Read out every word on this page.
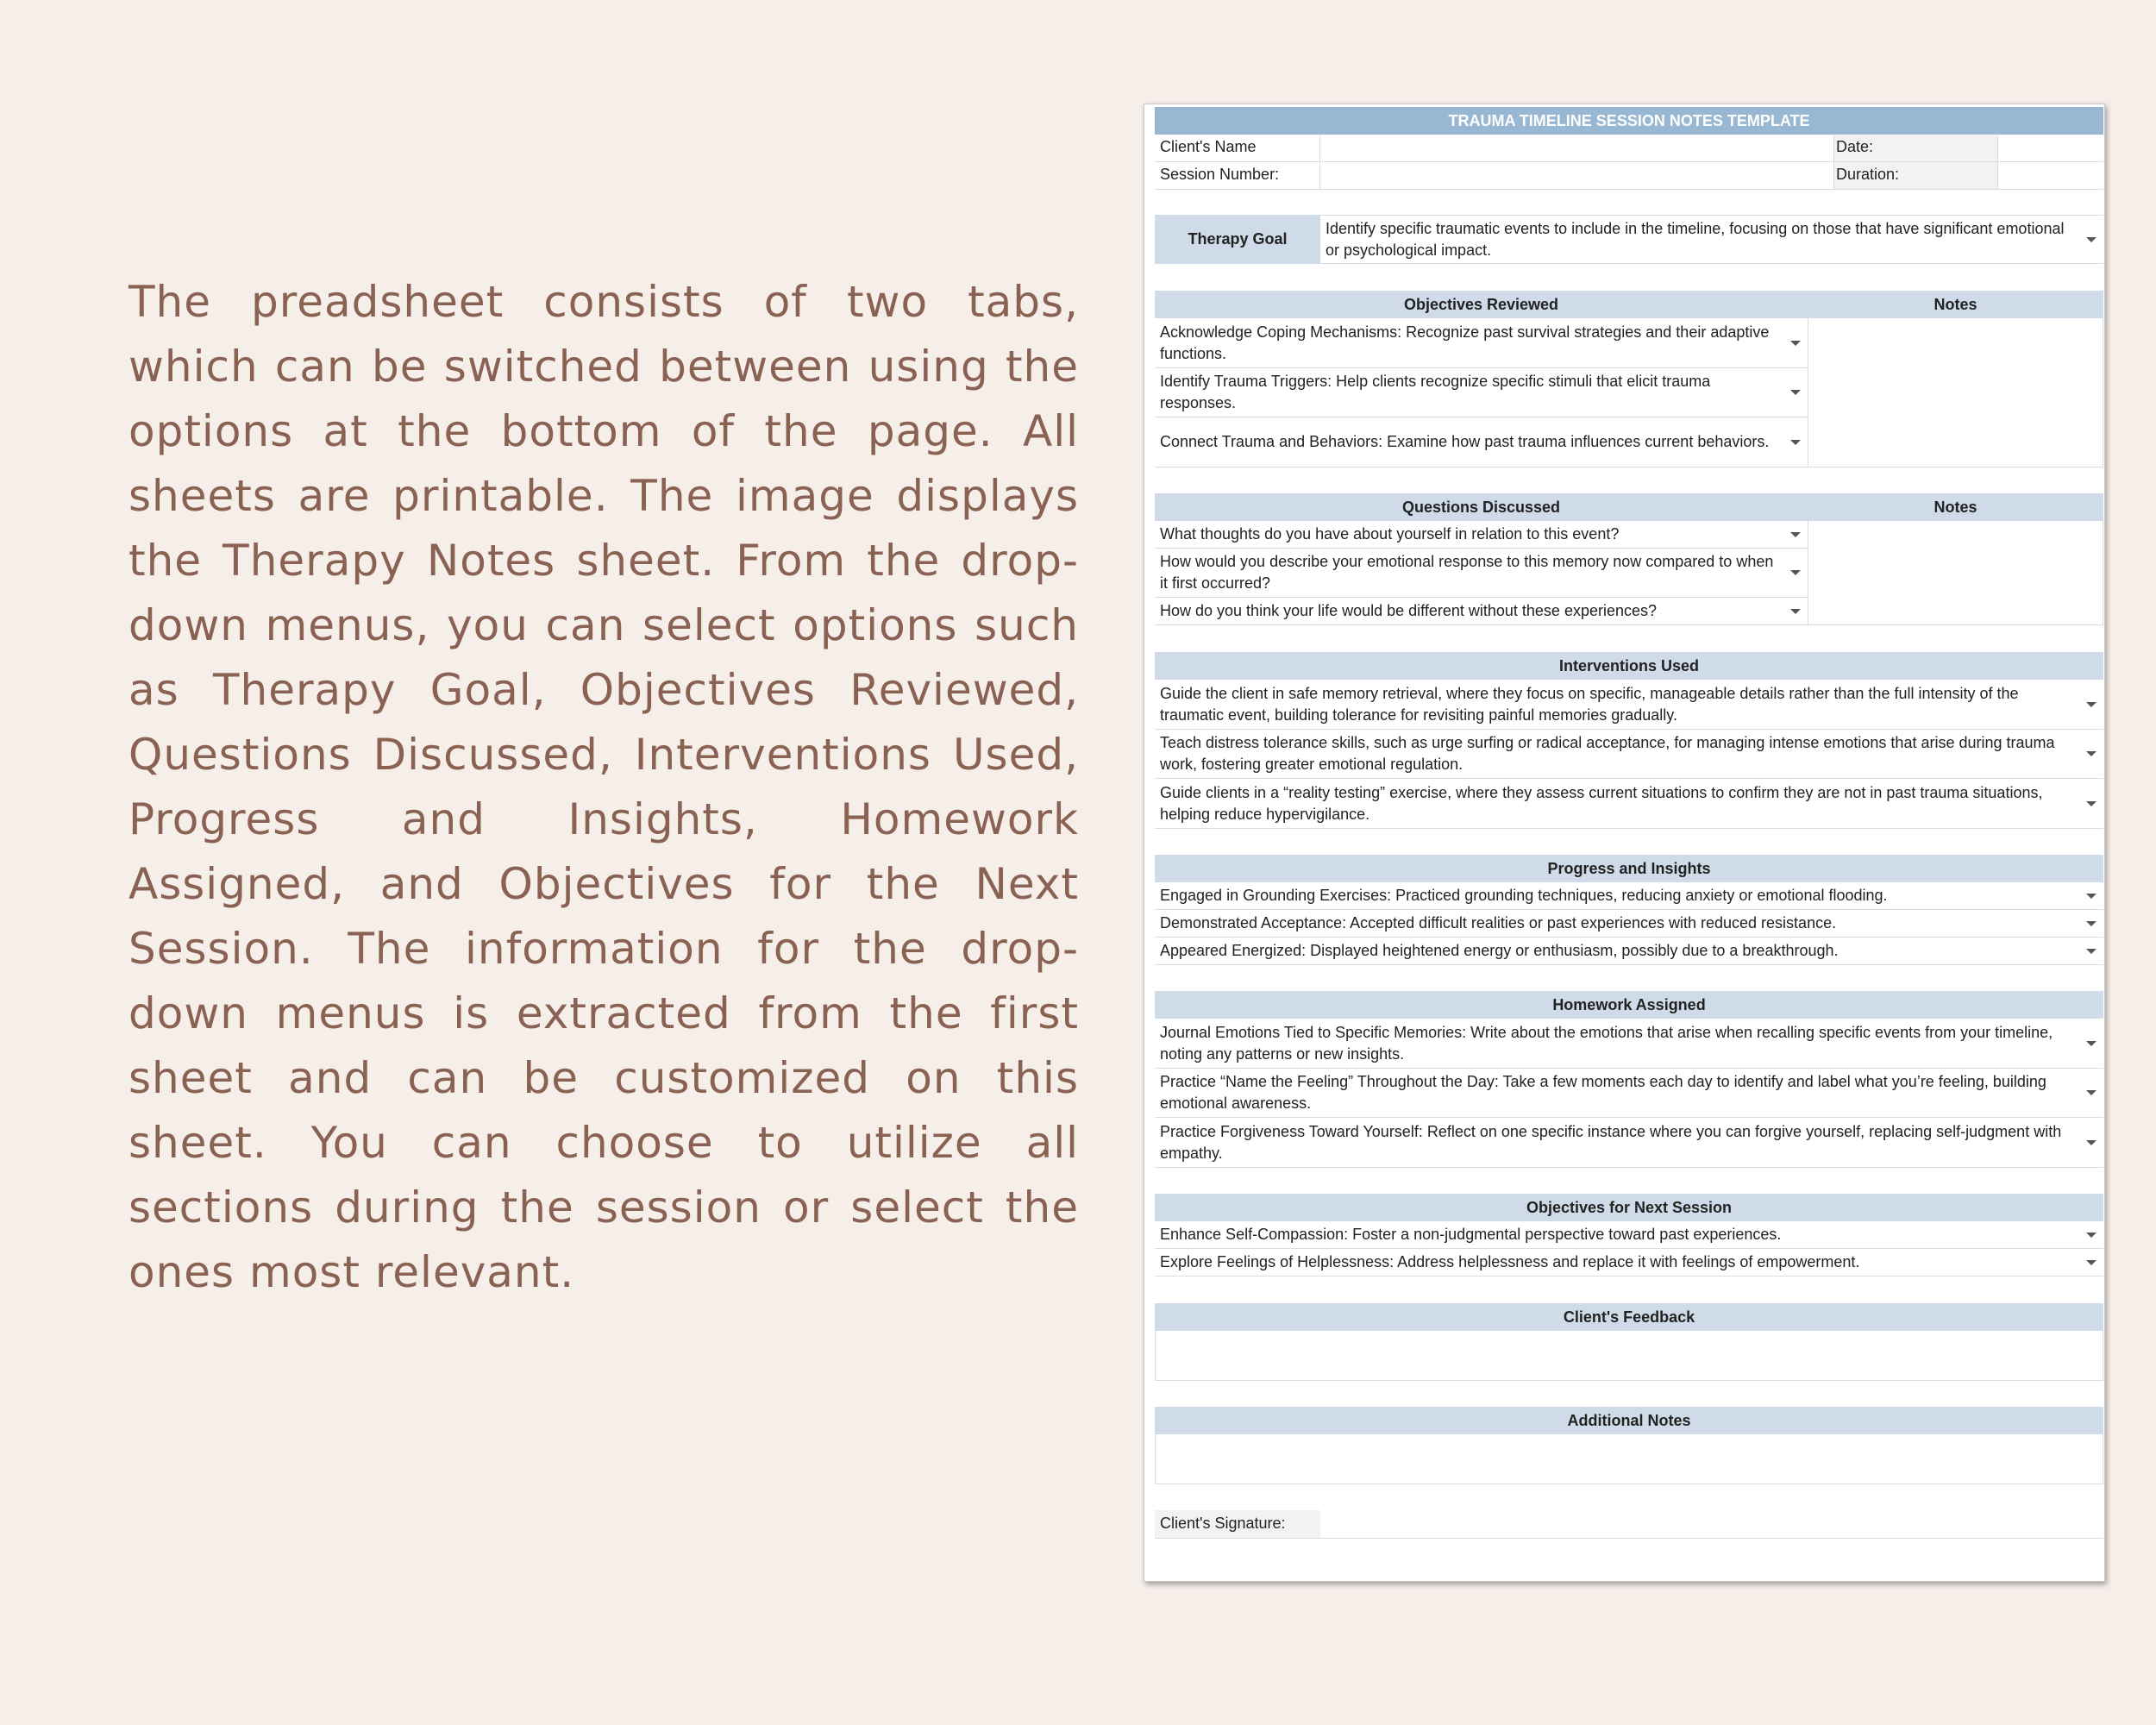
The preadsheet consists of two tabs, which can be switched between using the options at the bottom of the page. All sheets are printable. The image displays the Therapy Notes sheet. From the drop-down menus, you can select options such as Therapy Goal, Objectives Reviewed, Questions Discussed, Interventions Used, Progress and Insights, Homework Assigned, and Objectives for the Next Session. The information for the drop-down menus is extracted from the first sheet and can be customized on this sheet. You can choose to utilize all sections during the session or select the ones most relevant.
TRAUMA TIMELINE SESSION NOTES TEMPLATE
Client's Name	Date:
Session Number:	Duration:
Therapy Goal
Identify specific traumatic events to include in the timeline, focusing on those that have significant emotional or psychological impact.
Objectives Reviewed	Notes
Acknowledge Coping Mechanisms: Recognize past survival strategies and their adaptive functions.
Identify Trauma Triggers: Help clients recognize specific stimuli that elicit trauma responses.
Connect Trauma and Behaviors: Examine how past trauma influences current behaviors.
Questions Discussed	Notes
What thoughts do you have about yourself in relation to this event?
How would you describe your emotional response to this memory now compared to when it first occurred?
How do you think your life would be different without these experiences?
Interventions Used
Guide the client in safe memory retrieval, where they focus on specific, manageable details rather than the full intensity of the traumatic event, building tolerance for revisiting painful memories gradually.
Teach distress tolerance skills, such as urge surfing or radical acceptance, for managing intense emotions that arise during trauma work, fostering greater emotional regulation.
Guide clients in a “reality testing” exercise, where they assess current situations to confirm they are not in past trauma situations, helping reduce hypervigilance.
Progress and Insights
Engaged in Grounding Exercises: Practiced grounding techniques, reducing anxiety or emotional flooding.
Demonstrated Acceptance: Accepted difficult realities or past experiences with reduced resistance.
Appeared Energized: Displayed heightened energy or enthusiasm, possibly due to a breakthrough.
Homework Assigned
Journal Emotions Tied to Specific Memories: Write about the emotions that arise when recalling specific events from your timeline, noting any patterns or new insights.
Practice “Name the Feeling” Throughout the Day: Take a few moments each day to identify and label what you’re feeling, building emotional awareness.
Practice Forgiveness Toward Yourself: Reflect on one specific instance where you can forgive yourself, replacing self-judgment with empathy.
Objectives for Next Session
Enhance Self-Compassion: Foster a non-judgmental perspective toward past experiences.
Explore Feelings of Helplessness: Address helplessness and replace it with feelings of empowerment.
Client's Feedback
Additional Notes
Client's Signature:
